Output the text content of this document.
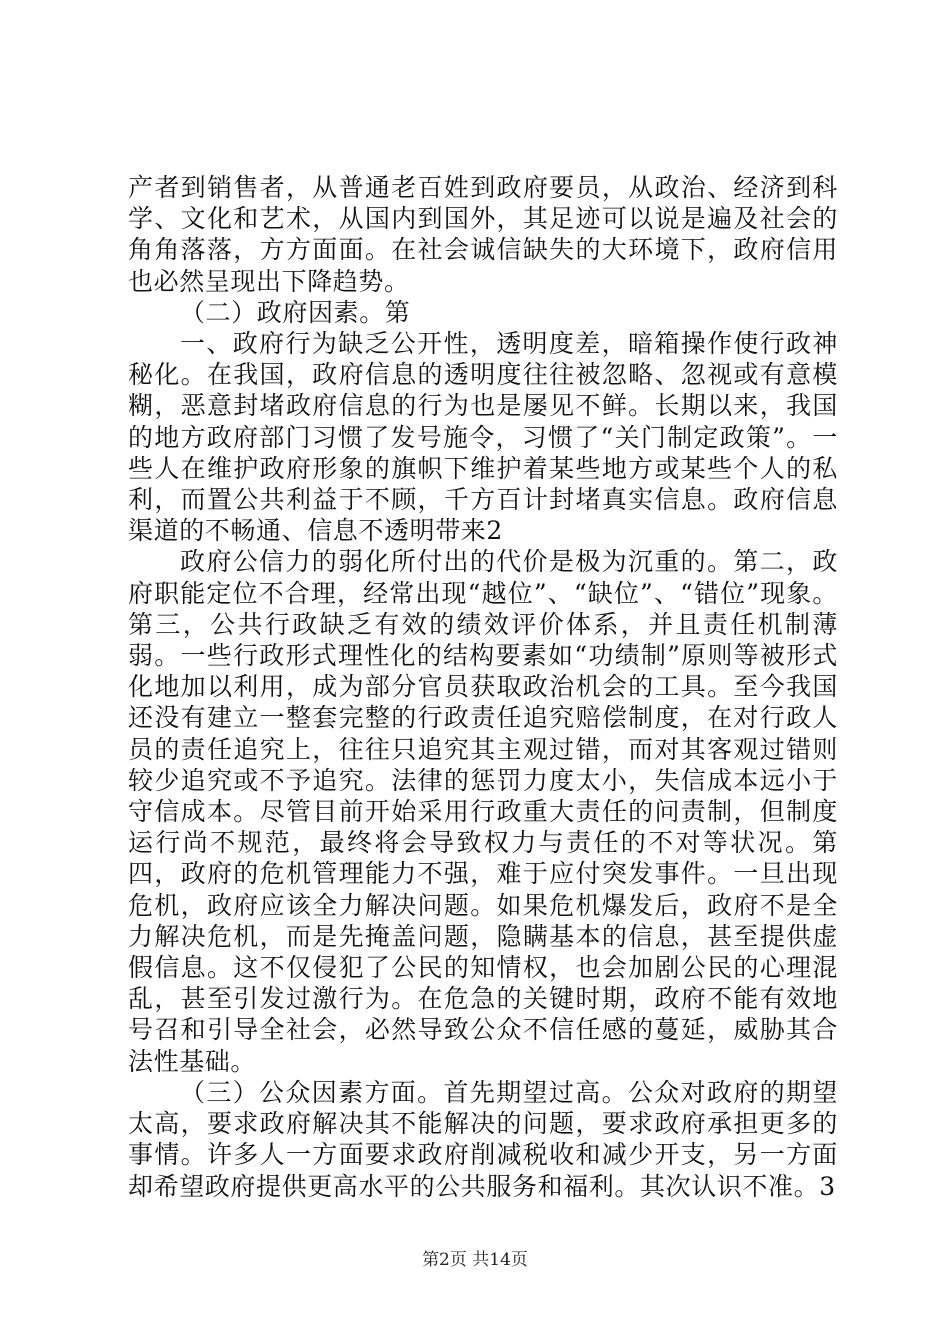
产者到销售者，从普通老百姓到政府要员，从政治、经济到科学、文化和艺术，从国内到国外，其足迹可以说是遍及社会的角角落落，方方面面。在社会诚信缺失的大环境下，政府信用也必然呈现出下降趋势。

（二）政府因素。第

一、政府行为缺乏公开性，透明度差，暗箱操作使行政神秘化。在我国，政府信息的透明度往往被忽略、忽视或有意模糊，恶意封堵政府信息的行为也是屡见不鲜。长期以来，我国的地方政府部门习惯了发号施令，习惯了“关门制定政策”。一些人在维护政府形象的旗帜下维护着某些地方或某些个人的私利，而置公共利益于不顾，千方百计封堵真实信息。政府信息渠道的不畅通、信息不透明带来2

政府公信力的弱化所付出的代价是极为沉重的。第二，政府职能定位不合理，经常出现“越位”、“缺位”、“错位”现象。第三，公共行政缺乏有效的绩效评价体系，并且责任机制薄弱。一些行政形式理性化的结构要素如“功绩制”原则等被形式化地加以利用，成为部分官员获取政治机会的工具。至今我国还没有建立一整套完整的行政责任追究赔偿制度，在对行政人员的责任追究上，往往只追究其主观过错，而对其客观过错则较少追究或不予追究。法律的惩罚力度太小，失信成本远小于守信成本。尽管目前开始采用行政重大责任的问责制，但制度运行尚不规范，最终将会导致权力与责任的不对等状况。第四，政府的危机管理能力不强，难于应付突发事件。一旦出现危机，政府应该全力解决问题。如果危机爆发后，政府不是全力解决危机，而是先掩盖问题，隐瞒基本的信息，甚至提供虚假信息。这不仅侵犯了公民的知情权，也会加剧公民的心理混乱，甚至引发过激行为。在危急的关键时期，政府不能有效地号召和引导全社会，必然导致公众不信任感的蔓延，威胁其合法性基础。

（三）公众因素方面。首先期望过高。公众对政府的期望太高，要求政府解决其不能解决的问题，要求政府承担更多的事情。许多人一方面要求政府削减税收和减少开支，另一方面却希望政府提供更高水平的公共服务和福利。其次认识不准。3

第2页 共14页
